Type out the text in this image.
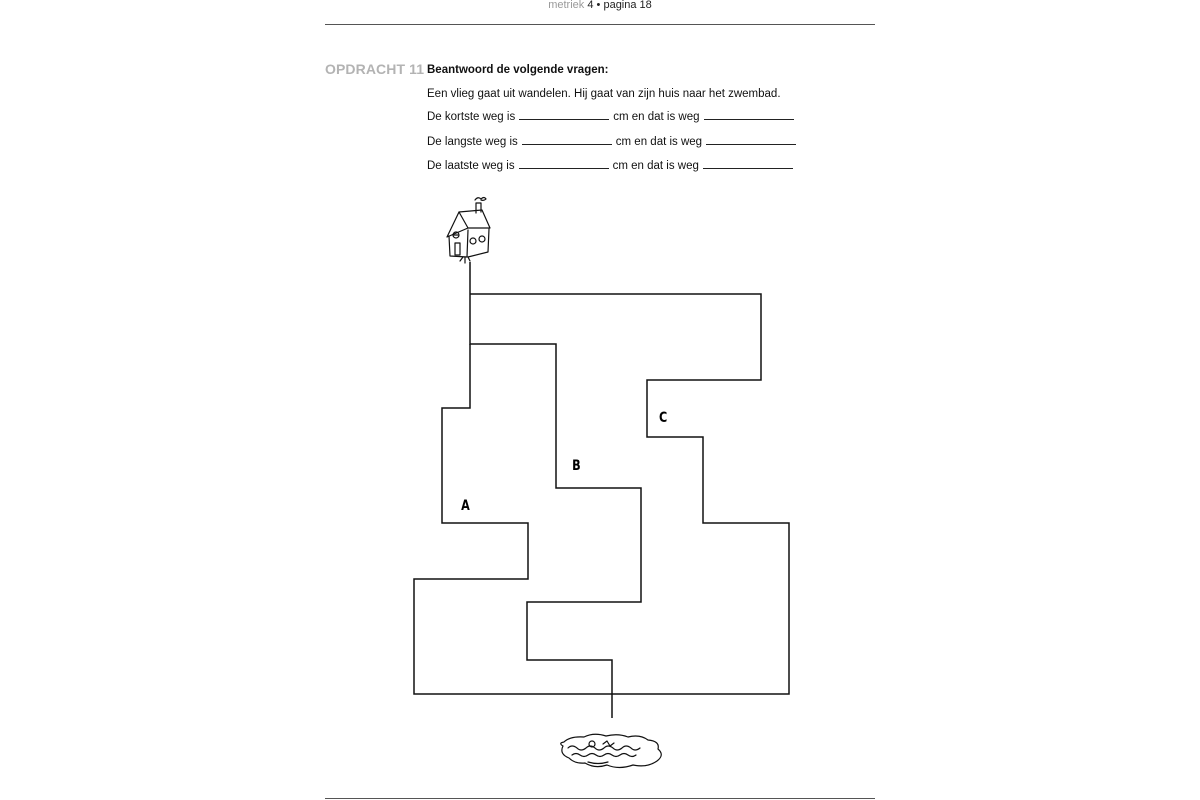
metriek 4 • pagina 18
OPDRACHT 11 Beantwoord de volgende vragen:
Een vlieg gaat uit wandelen. Hij gaat van zijn huis naar het zwembad.
De kortste weg is	cm en dat is weg
De langste weg is	cm en dat is weg
De laatste weg is	cm en dat is weg
A
B
C
